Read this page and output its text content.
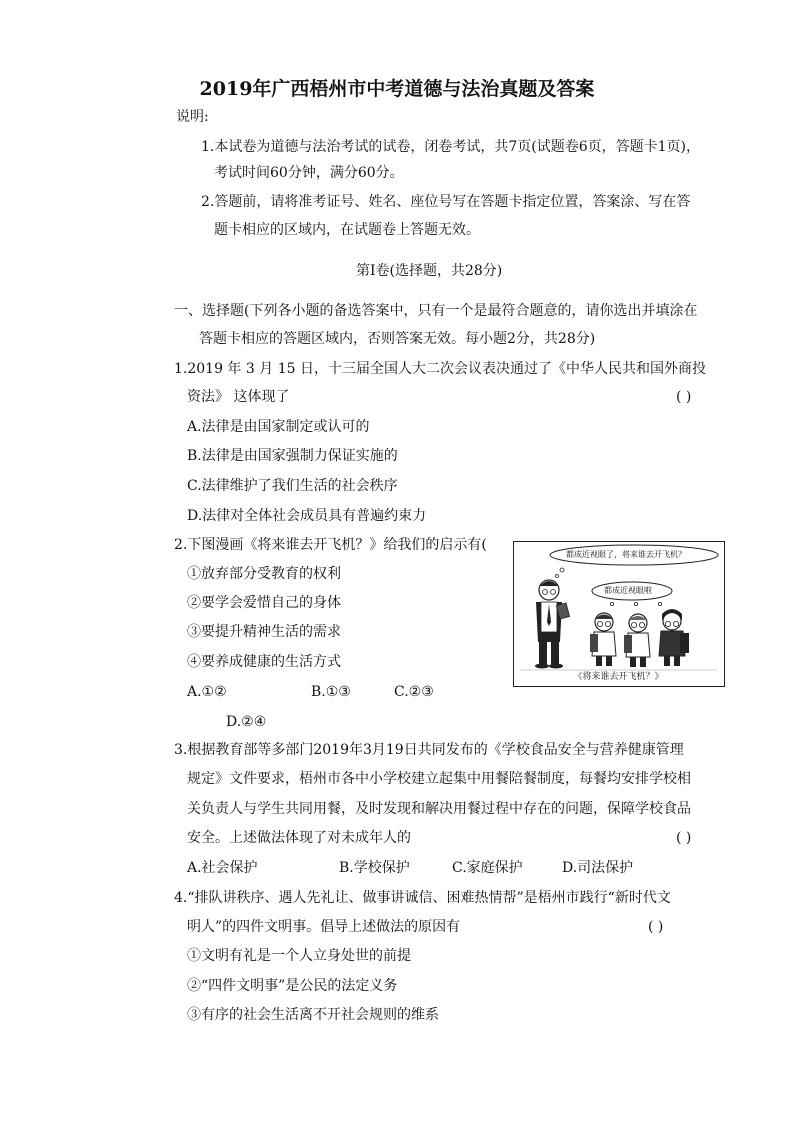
2019年广西梧州市中考道德与法治真题及答案
说明:
1.本试卷为道德与法治考试的试卷，闭卷考试，共7页(试题卷6页，答题卡1页)，
考试时间60分钟，满分60分。
2.答题前，请将准考证号、姓名、座位号写在答题卡指定位置，答案涂、写在答
题卡相应的区域内，在试题卷上答题无效。
第Ⅰ卷(选择题，共28分)
一、选择题(下列各小题的备选答案中，只有一个是最符合题意的，请你选出并填涂在
答题卡相应的答题区域内，否则答案无效。每小题2分，共28分)
1.2019 年 3 月 15 日，十三届全国人大二次会议表决通过了《中华人民共和国外商投
资法》 这体现了	( )
A.法律是由国家制定或认可的
B.法律是由国家强制力保证实施的
C.法律维护了我们生活的社会秩序
D.法律对全体社会成员具有普遍约束力
2.下图漫画《将来谁去开飞机？》给我们的启示有(
①放弃部分受教育的权利
②要学会爱惜自己的身体
③要提升精神生活的需求
④要养成健康的生活方式
A.①②	B.①③	C.②③
D.②④
都成近视眼了，将来谁去开飞机？
都成近视眼啦
《将来谁去开飞机？》
3.根据教育部等多部门2019年3月19日共同发布的《学校食品安全与营养健康管理
规定》文件要求，梧州市各中小学校建立起集中用餐陪餐制度，每餐均安排学校相
关负责人与学生共同用餐，及时发现和解决用餐过程中存在的问题，保障学校食品
安全。上述做法体现了对未成年人的	( )
A.社会保护	B.学校保护	C.家庭保护	D.司法保护
4.“排队讲秩序、遇人先礼让、做事讲诚信、困难热情帮”是梧州市践行“新时代文
明人”的四件文明事。倡导上述做法的原因有	( )
①文明有礼是一个人立身处世的前提
②“四件文明事”是公民的法定义务
③有序的社会生活离不开社会规则的维系
